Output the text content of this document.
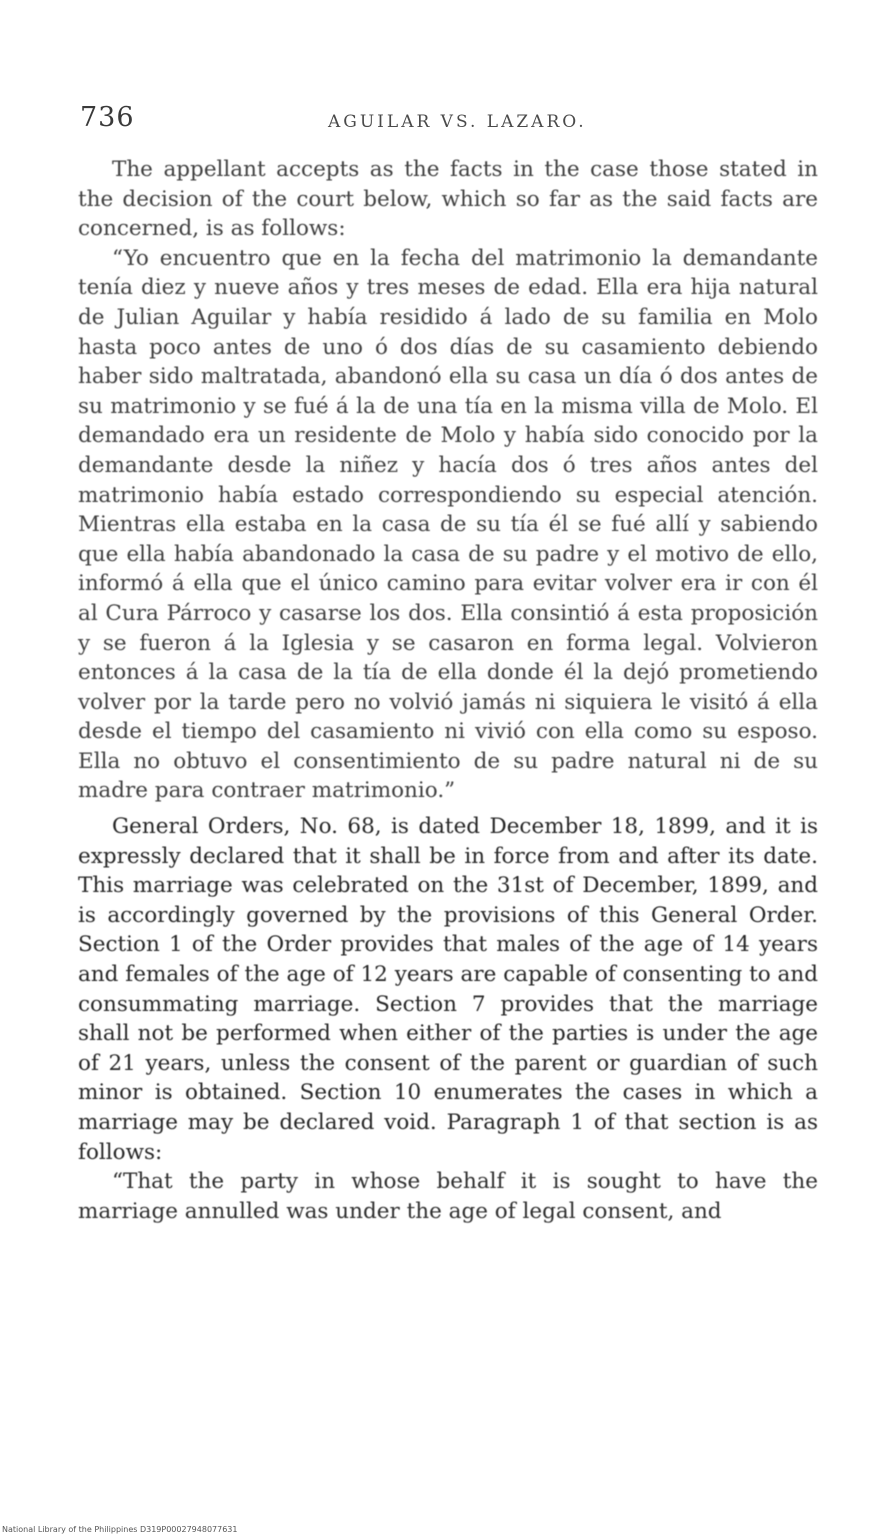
736	AGUILAR VS. LAZARO.

The appellant accepts as the facts in the case those stated in the decision of the court below, which so far as the said facts are concerned, is as follows:

“Yo encuentro que en la fecha del matrimonio la demandante tenía diez y nueve años y tres meses de edad. Ella era hija natural de Julian Aguilar y había residido á lado de su familia en Molo hasta poco antes de uno ó dos días de su casamiento debiendo haber sido maltratada, abandonó ella su casa un día ó dos antes de su matrimonio y se fué á la de una tía en la misma villa de Molo. El demandado era un residente de Molo y había sido conocido por la demandante desde la niñez y hacía dos ó tres años antes del matrimonio había estado correspondiendo su especial atención. Mientras ella estaba en la casa de su tía él se fué allí y sabiendo que ella había abandonado la casa de su padre y el motivo de ello, informó á ella que el único camino para evitar volver era ir con él al Cura Párroco y casarse los dos. Ella consintió á esta proposición y se fueron á la Iglesia y se casaron en forma legal. Volvieron entonces á la casa de la tía de ella donde él la dejó prometiendo volver por la tarde pero no volvió jamás ni siquiera le visitó á ella desde el tiempo del casamiento ni vivió con ella como su esposo. Ella no obtuvo el consentimiento de su padre natural ni de su madre para contraer matrimonio.”

General Orders, No. 68, is dated December 18, 1899, and it is expressly declared that it shall be in force from and after its date. This marriage was celebrated on the 31st of December, 1899, and is accordingly governed by the provisions of this General Order. Section 1 of the Order provides that males of the age of 14 years and females of the age of 12 years are capable of consenting to and consummating marriage. Section 7 provides that the marriage shall not be performed when either of the parties is under the age of 21 years, unless the consent of the parent or guardian of such minor is obtained. Section 10 enumerates the cases in which a marriage may be declared void. Paragraph 1 of that section is as follows:

“That the party in whose behalf it is sought to have the marriage annulled was under the age of legal consent, and

National Library of the Philippines D319P00027948077631
